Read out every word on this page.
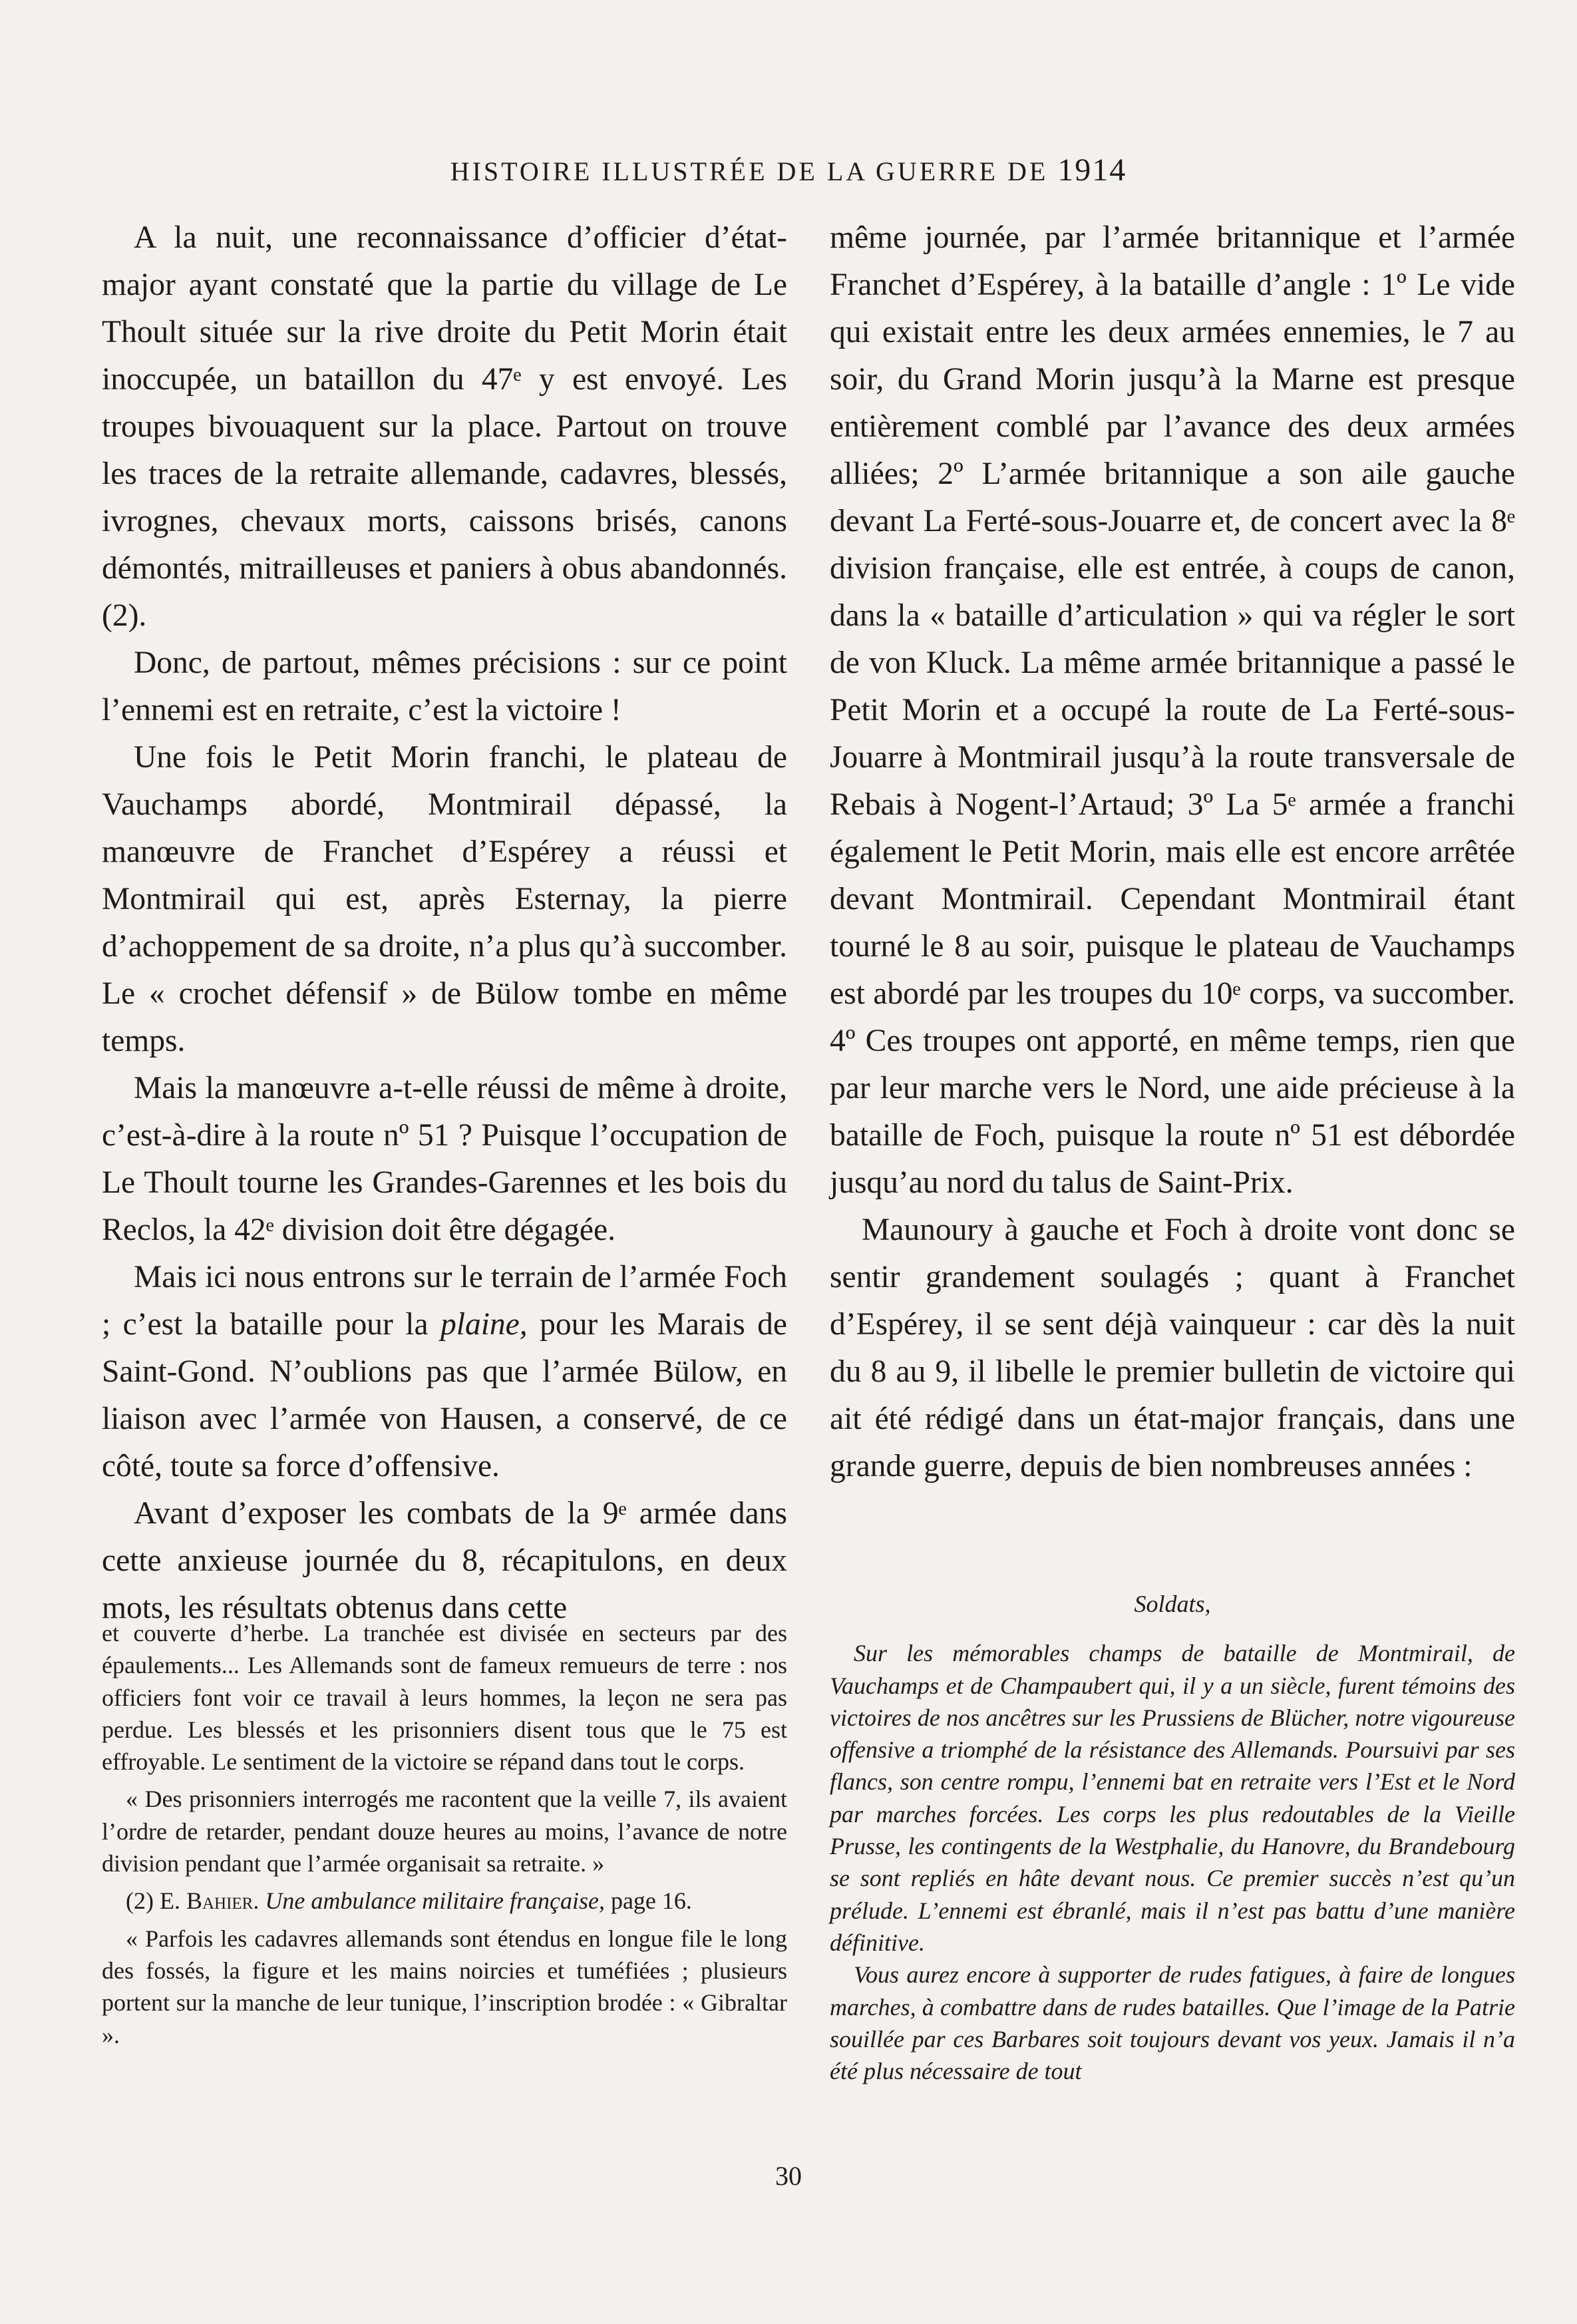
HISTOIRE ILLUSTRÉE DE LA GUERRE DE 1914

A la nuit, une reconnaissance d’officier d’état-major ayant constaté que la partie du village de Le Thoult située sur la rive droite du Petit Morin était inoccupée, un bataillon du 47ᵉ y est envoyé. Les troupes bivouaquent sur la place. Partout on trouve les traces de la retraite allemande, cadavres, blessés, ivrognes, chevaux morts, caissons brisés, canons démontés, mitrailleuses et paniers à obus abandonnés. (2).

Donc, de partout, mêmes précisions : sur ce point l’ennemi est en retraite, c’est la victoire !

Une fois le Petit Morin franchi, le plateau de Vauchamps abordé, Montmirail dépassé, la manœuvre de Franchet d’Espérey a réussi et Montmirail qui est, après Esternay, la pierre d’achoppement de sa droite, n’a plus qu’à succomber. Le « crochet défensif » de Bülow tombe en même temps.

Mais la manœuvre a-t-elle réussi de même à droite, c’est-à-dire à la route nº 51 ? Puisque l’occupation de Le Thoult tourne les Grandes-Garennes et les bois du Reclos, la 42ᵉ division doit être dégagée.

Mais ici nous entrons sur le terrain de l’armée Foch ; c’est la bataille pour la plaine, pour les Marais de Saint-Gond. N’oublions pas que l’armée Bülow, en liaison avec l’armée von Hausen, a conservé, de ce côté, toute sa force d’offensive.

Avant d’exposer les combats de la 9ᵉ armée dans cette anxieuse journée du 8, récapitulons, en deux mots, les résultats obtenus dans cette

même journée, par l’armée britannique et l’armée Franchet d’Espérey, à la bataille d’angle : 1º Le vide qui existait entre les deux armées ennemies, le 7 au soir, du Grand Morin jusqu’à la Marne est presque entièrement comblé par l’avance des deux armées alliées; 2º L’armée britannique a son aile gauche devant La Ferté-sous-Jouarre et, de concert avec la 8ᵉ division française, elle est entrée, à coups de canon, dans la « bataille d’articulation » qui va régler le sort de von Kluck. La même armée britannique a passé le Petit Morin et a occupé la route de La Ferté-sous-Jouarre à Montmirail jusqu’à la route transversale de Rebais à Nogent-l’Artaud; 3º La 5ᵉ armée a franchi également le Petit Morin, mais elle est encore arrêtée devant Montmirail. Cependant Montmirail étant tourné le 8 au soir, puisque le plateau de Vauchamps est abordé par les troupes du 10ᵉ corps, va succomber. 4º Ces troupes ont apporté, en même temps, rien que par leur marche vers le Nord, une aide précieuse à la bataille de Foch, puisque la route nº 51 est débordée jusqu’au nord du talus de Saint-Prix.

Maunoury à gauche et Foch à droite vont donc se sentir grandement soulagés ; quant à Franchet d’Espérey, il se sent déjà vainqueur : car dès la nuit du 8 au 9, il libelle le premier bulletin de victoire qui ait été rédigé dans un état-major français, dans une grande guerre, depuis de bien nombreuses années :

et couverte d’herbe. La tranchée est divisée en secteurs par des épaulements... Les Allemands sont de fameux remueurs de terre : nos officiers font voir ce travail à leurs hommes, la leçon ne sera pas perdue. Les blessés et les prisonniers disent tous que le 75 est effroyable. Le sentiment de la victoire se répand dans tout le corps.

« Des prisonniers interrogés me racontent que la veille 7, ils avaient l’ordre de retarder, pendant douze heures au moins, l’avance de notre division pendant que l’armée organisait sa retraite. »

(2) E. Bahier. Une ambulance militaire française, page 16.

« Parfois les cadavres allemands sont étendus en longue file le long des fossés, la figure et les mains noircies et tuméfiées ; plusieurs portent sur la manche de leur tunique, l’inscription brodée : « Gibraltar ».

Soldats,

Sur les mémorables champs de bataille de Montmirail, de Vauchamps et de Champaubert qui, il y a un siècle, furent témoins des victoires de nos ancêtres sur les Prussiens de Blücher, notre vigoureuse offensive a triomphé de la résistance des Allemands. Poursuivi par ses flancs, son centre rompu, l’ennemi bat en retraite vers l’Est et le Nord par marches forcées. Les corps les plus redoutables de la Vieille Prusse, les contingents de la Westphalie, du Hanovre, du Brandebourg se sont repliés en hâte devant nous. Ce premier succès n’est qu’un prélude. L’ennemi est ébranlé, mais il n’est pas battu d’une manière définitive.

Vous aurez encore à supporter de rudes fatigues, à faire de longues marches, à combattre dans de rudes batailles. Que l’image de la Patrie souillée par ces Barbares soit toujours devant vos yeux. Jamais il n’a été plus nécessaire de tout

30
